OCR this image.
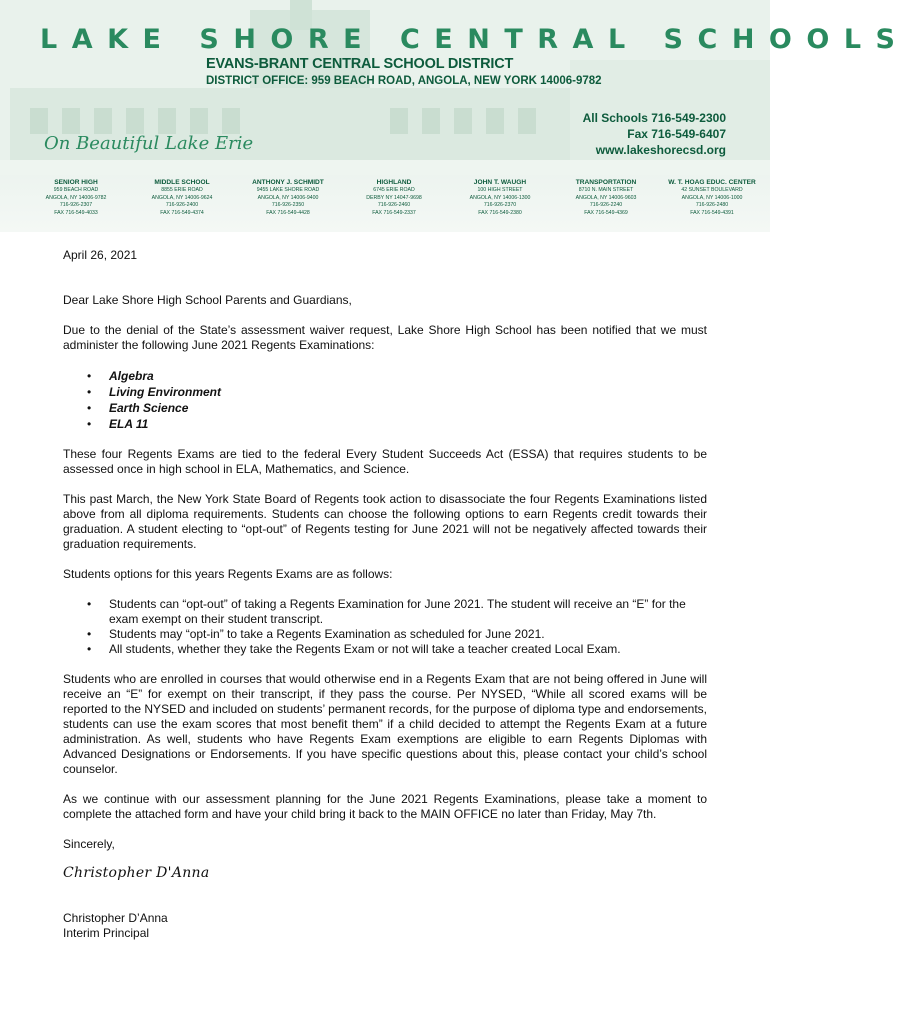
LAKE SHORE CENTRAL SCHOOLS
EVANS-BRANT CENTRAL SCHOOL DISTRICT
DISTRICT OFFICE: 959 BEACH ROAD, ANGOLA, NEW YORK 14006-9782
On Beautiful Lake Erie
All Schools 716-549-2300
Fax 716-549-6407
www.lakeshorecsd.org
SENIOR HIGH
959 BEACH ROAD
ANGOLA, NY 14006-9782
716-926-2307
FAX 716-549-4033
MIDDLE SCHOOL
8855 ERIE ROAD
ANGOLA, NY 14006-9624
716-926-2400
FAX 716-549-4374
ANTHONY J. SCHMIDT
9455 LAKE SHORE ROAD
ANGOLA, NY 14006-9400
716-926-2350
FAX 716-549-4428
HIGHLAND
6745 ERIE ROAD
DERBY NY 14047-9698
716-926-2460
FAX 716-549-2337
JOHN T. WAUGH
100 HIGH STREET
ANGOLA, NY 14006-1300
716-926-2370
FAX 716-549-2380
TRANSPORTATION
8710 N. MAIN STREET
ANGOLA, NY 14006-9603
716-926-2240
FAX 716-549-4369
W. T. HOAG EDUC. CENTER
42 SUNSET BOULEVARD
ANGOLA, NY 14006-1000
716-926-2480
FAX 716-549-4391

April 26, 2021

Dear Lake Shore High School Parents and Guardians,

Due to the denial of the State’s assessment waiver request, Lake Shore High School has been notified that we must administer the following June 2021 Regents Examinations:

• Algebra
• Living Environment
• Earth Science
• ELA 11

These four Regents Exams are tied to the federal Every Student Succeeds Act (ESSA) that requires students to be assessed once in high school in ELA, Mathematics, and Science.

This past March, the New York State Board of Regents took action to disassociate the four Regents Examinations listed above from all diploma requirements. Students can choose the following options to earn Regents credit towards their graduation. A student electing to “opt-out” of Regents testing for June 2021 will not be negatively affected towards their graduation requirements.

Students options for this years Regents Exams are as follows:

• Students can “opt-out” of taking a Regents Examination for June 2021. The student will receive an “E” for the exam exempt on their student transcript.
• Students may “opt-in” to take a Regents Examination as scheduled for June 2021.
• All students, whether they take the Regents Exam or not will take a teacher created Local Exam.

Students who are enrolled in courses that would otherwise end in a Regents Exam that are not being offered in June will receive an “E” for exempt on their transcript, if they pass the course. Per NYSED, “While all scored exams will be reported to the NYSED and included on students’ permanent records, for the purpose of diploma type and endorsements, students can use the exam scores that most benefit them” if a child decided to attempt the Regents Exam at a future administration. As well, students who have Regents Exam exemptions are eligible to earn Regents Diplomas with Advanced Designations or Endorsements. If you have specific questions about this, please contact your child’s school counselor.

As we continue with our assessment planning for the June 2021 Regents Examinations, please take a moment to complete the attached form and have your child bring it back to the MAIN OFFICE no later than Friday, May 7th.

Sincerely,

Christopher D'Anna

Christopher D’Anna

Interim Principal
